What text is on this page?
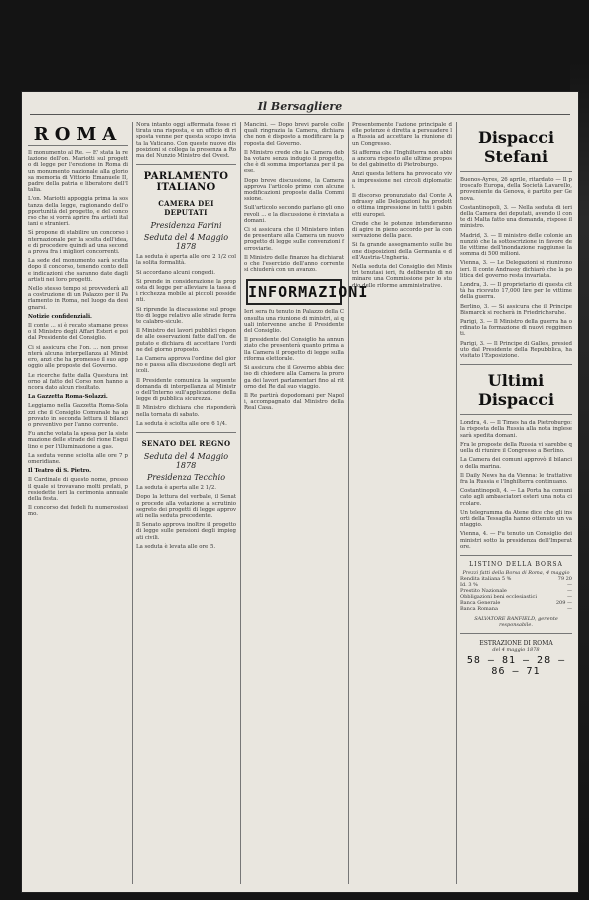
Il Bersagliere
ROMA

Il monumento al Re. — E' stata la relazione dell'on. Mariotti sul progetto di legge per l'erezione in Roma di un monumento nazionale alla gloriosa memoria di Vittorio Emanuele II, padre della patria e liberatore dell'Italia.

L'on. Mariotti appoggia prima la sostanza della legge, ragionando dell'opportunità del progetto, e del concorso che si vorrà aprire fra artisti italiani e stranieri.

Sì propone di stabilire un concorso internazionale per la scelta dell'idea, e di procedere quindi ad una seconda prova fra i migliori concorrenti.

La sede del monumento sarà scelta dopo il concorso, tenendo conto delle indicazioni che saranno date dagli artisti nei loro progetti.

Nello stesso tempo si provvederà alla costruzione di un Palazzo per il Parlamento in Roma, nel luogo da designarsi.

Notizie confidenziali.

Il conte ... si è recato stamane presso il Ministro degli Affari Esteri e poi dal Presidente del Consiglio.

Ci si assicura che l'on. ... non presenterà alcuna interpellanza al Ministero, anzi che ha promesso il suo appoggio alle proposte del Governo.

Le ricerche fatte dalla Questura intorno al fatto del Corso non hanno ancora dato alcun risultato.

La Gazzetta Roma-Solazzi.

Leggiamo nella Gazzetta Roma-Solazzi che il Consiglio Comunale ha approvato in seconda lettura il bilancio preventivo per l'anno corrente.

Fu anche votata la spesa per la sistemazione delle strade del rione Esquilino e per l'illuminazione a gas.

La seduta venne sciolta alle ore 7 pomeridiane.

Il Teatro di S. Pietro.

Il Cardinale di questo nome, presso il quale si trovavano molti prelati, presiedette ieri la cerimonia annuale della festa.

Il concorso dei fedeli fu numerosissimo.

Nora intanto oggi affermata fosse ritirata una risposta, e un ufficio di risposta venne per questa scopo inviata la Vaticano. Con queste nuove disposizioni si collega la presenza a Roma del Nunzio Ministro del Ovest.

PARLAMENTO ITALIANO
CAMERA DEI DEPUTATI
Presidenza Farini
Seduta del 4 Maggio 1878

La seduta è aperta alle ore 2 1/2 colla solita formalità.

Si accordano alcuni congedi.

Si prende in considerazione la proposta di legge per alleviare la tassa di ricchezza mobile ai piccoli possidenti.

Si riprende la discussione sul progetto di legge relativo alle strade ferrate calabro-sicule.

Il Ministro dei lavori pubblici risponde alle osservazioni fatte dall'on. deputato e dichiara di accettare l'ordine del giorno proposto.

La Camera approva l'ordine del giorno e passa alla discussione degli articoli.

Il Presidente comunica la seguente domanda di interpellanza al Ministro dell'Interno sull'applicazione della legge di pubblica sicurezza.

Il Ministro dichiara che risponderà nella tornata di sabato.

La seduta è sciolta alle ore 6 1/4.

SENATO DEL REGNO
Seduta del 4 Maggio 1878
Presidenza Tecchio

La seduta è aperta alle 2 1/2.

Dopo la lettura del verbale, il Senato procede alla votazione a scrutinio segreto dei progetti di legge approvati nella seduta precedente.

Il Senato approva inoltre il progetto di legge sulle pensioni degli impiegati civili.

La seduta è levata alle ore 5.

Mancini. — Dopo brevi parole colle quali ringrazia la Camera, dichiara che non è disposto a modificare la proposta del Governo.

Il Ministro crede che la Camera debba votare senza indugio il progetto, che è di somma importanza per il paese.

Dopo breve discussione, la Camera approva l'articolo primo con alcune modificazioni proposte dalla Commissione.

Sull'articolo secondo parlano gli onorevoli ... e la discussione è rinviata a domani.

Ci si assicura che il Ministero intende presentare alla Camera un nuovo progetto di legge sulle convenzioni ferroviarie.

Il Ministro delle finanze ha dichiarato che l'esercizio dell'anno corrente si chiuderà con un avanzo.

INFORMAZIONI

Ieri sera fu tenuto in Palazzo della Consulta una riunione di ministri, ai quali intervenne anche il Presidente del Consiglio.

Il presidente del Consiglio ha annunziato che presenterà quanto prima alla Camera il progetto di legge sulla riforma elettorale.

Si assicura che il Governo abbia deciso di chiedere alla Camera la proroga dei lavori parlamentari fino al ritorno del Re dal suo viaggio.

Il Re partirà dopodomani per Napoli, accompagnato dal Ministro della Real Casa.

Presentemente l'azione principale delle potenze è diretta a persuadere la Russia ad accettare la riunione di un Congresso.

Si afferma che l'Inghilterra non abbia ancora risposto alle ultime proposte del gabinetto di Pietroburgo.

Anzi questa lettera ha provocato viva impressione nei circoli diplomatici.

Il discorso pronunziato dal Conte Andrassy alle Delegazioni ha prodotto ottima impressione in tutti i gabinetti europei.

Crede che le potenze intenderanno di agire in pieno accordo per la conservazione della pace.

Si fa grande assegnamento sulle buone disposizioni della Germania e dell'Austria-Ungheria.

Nella seduta del Consiglio dei Ministri tenutasi ieri, fu deliberato di nominare una Commissione per lo studio delle riforme amministrative.

Dispacci Stefani

Buenos-Ayres, 26 aprile, ritardato — Il piroscafo Europa, della Società Lavarello, proveniente da Genova, è partito per Genova.

Costantinopoli, 3. — Nella seduta di ieri della Camera dei deputati, avendo il conte di Malta fatto una domanda, rispose il ministro.

Madrid, 3. — Il ministro delle colonie annunziò che la sottoscrizione in favore delle vittime dell'inondazione raggiunse la somma di 500 milioni.

Vienna, 3. — Le Delegazioni si riunirono ieri. Il conte Andrassy dichiarò che la politica del governo resta invariata.

Londra, 3. — Il proprietario di questa città ha ricevuto 17,000 lire per le vittime della guerra.

Berlino, 3. — Si assicura che il Principe Bismarck si recherà in Friedrichsruhe.

Parigi, 3. — Il Ministro della guerra ha ordinato la formazione di nuovi reggimenti.

Parigi, 3. — Il Principe di Galles, presieduto dal Presidente della Repubblica, ha visitato l'Esposizione.

Ultimi Dispacci

Londra, 4. — Il Times ha da Pietroburgo: la risposta della Russia alla nota inglese sarà spedita domani.

Fra le proposte della Russia vi sarebbe quella di riunire il Congresso a Berlino.

La Camera dei comuni approvò il bilancio della marina.

Il Daily News ha da Vienna: le trattative fra la Russia e l'Inghilterra continuano.

Costantinopoli, 4. — La Porta ha comunicato agli ambasciatori esteri una nota circolare.

Un telegramma da Atene dice che gli insorti della Tessaglia hanno ottenuto un vantaggio.

Vienna, 4. — Fu tenuto un Consiglio dei ministri sotto la presidenza dell'Imperatore.

LISTINO DELLA BORSA
Prezzi fatti della Borsa di Roma, 4 maggio
Rendita italiana 5 %	79 20
Id. 3 %	—
Prestito Nazionale	—
Obbligazioni beni ecclesiastici	—
Banca Generale	209 —
Banca Romana	—
SALVATORE BANFIELD, gerente responsabile.
ESTRAZIONE DI ROMA
del 4 maggio 1878
58 — 81 — 28 — 86 — 71
